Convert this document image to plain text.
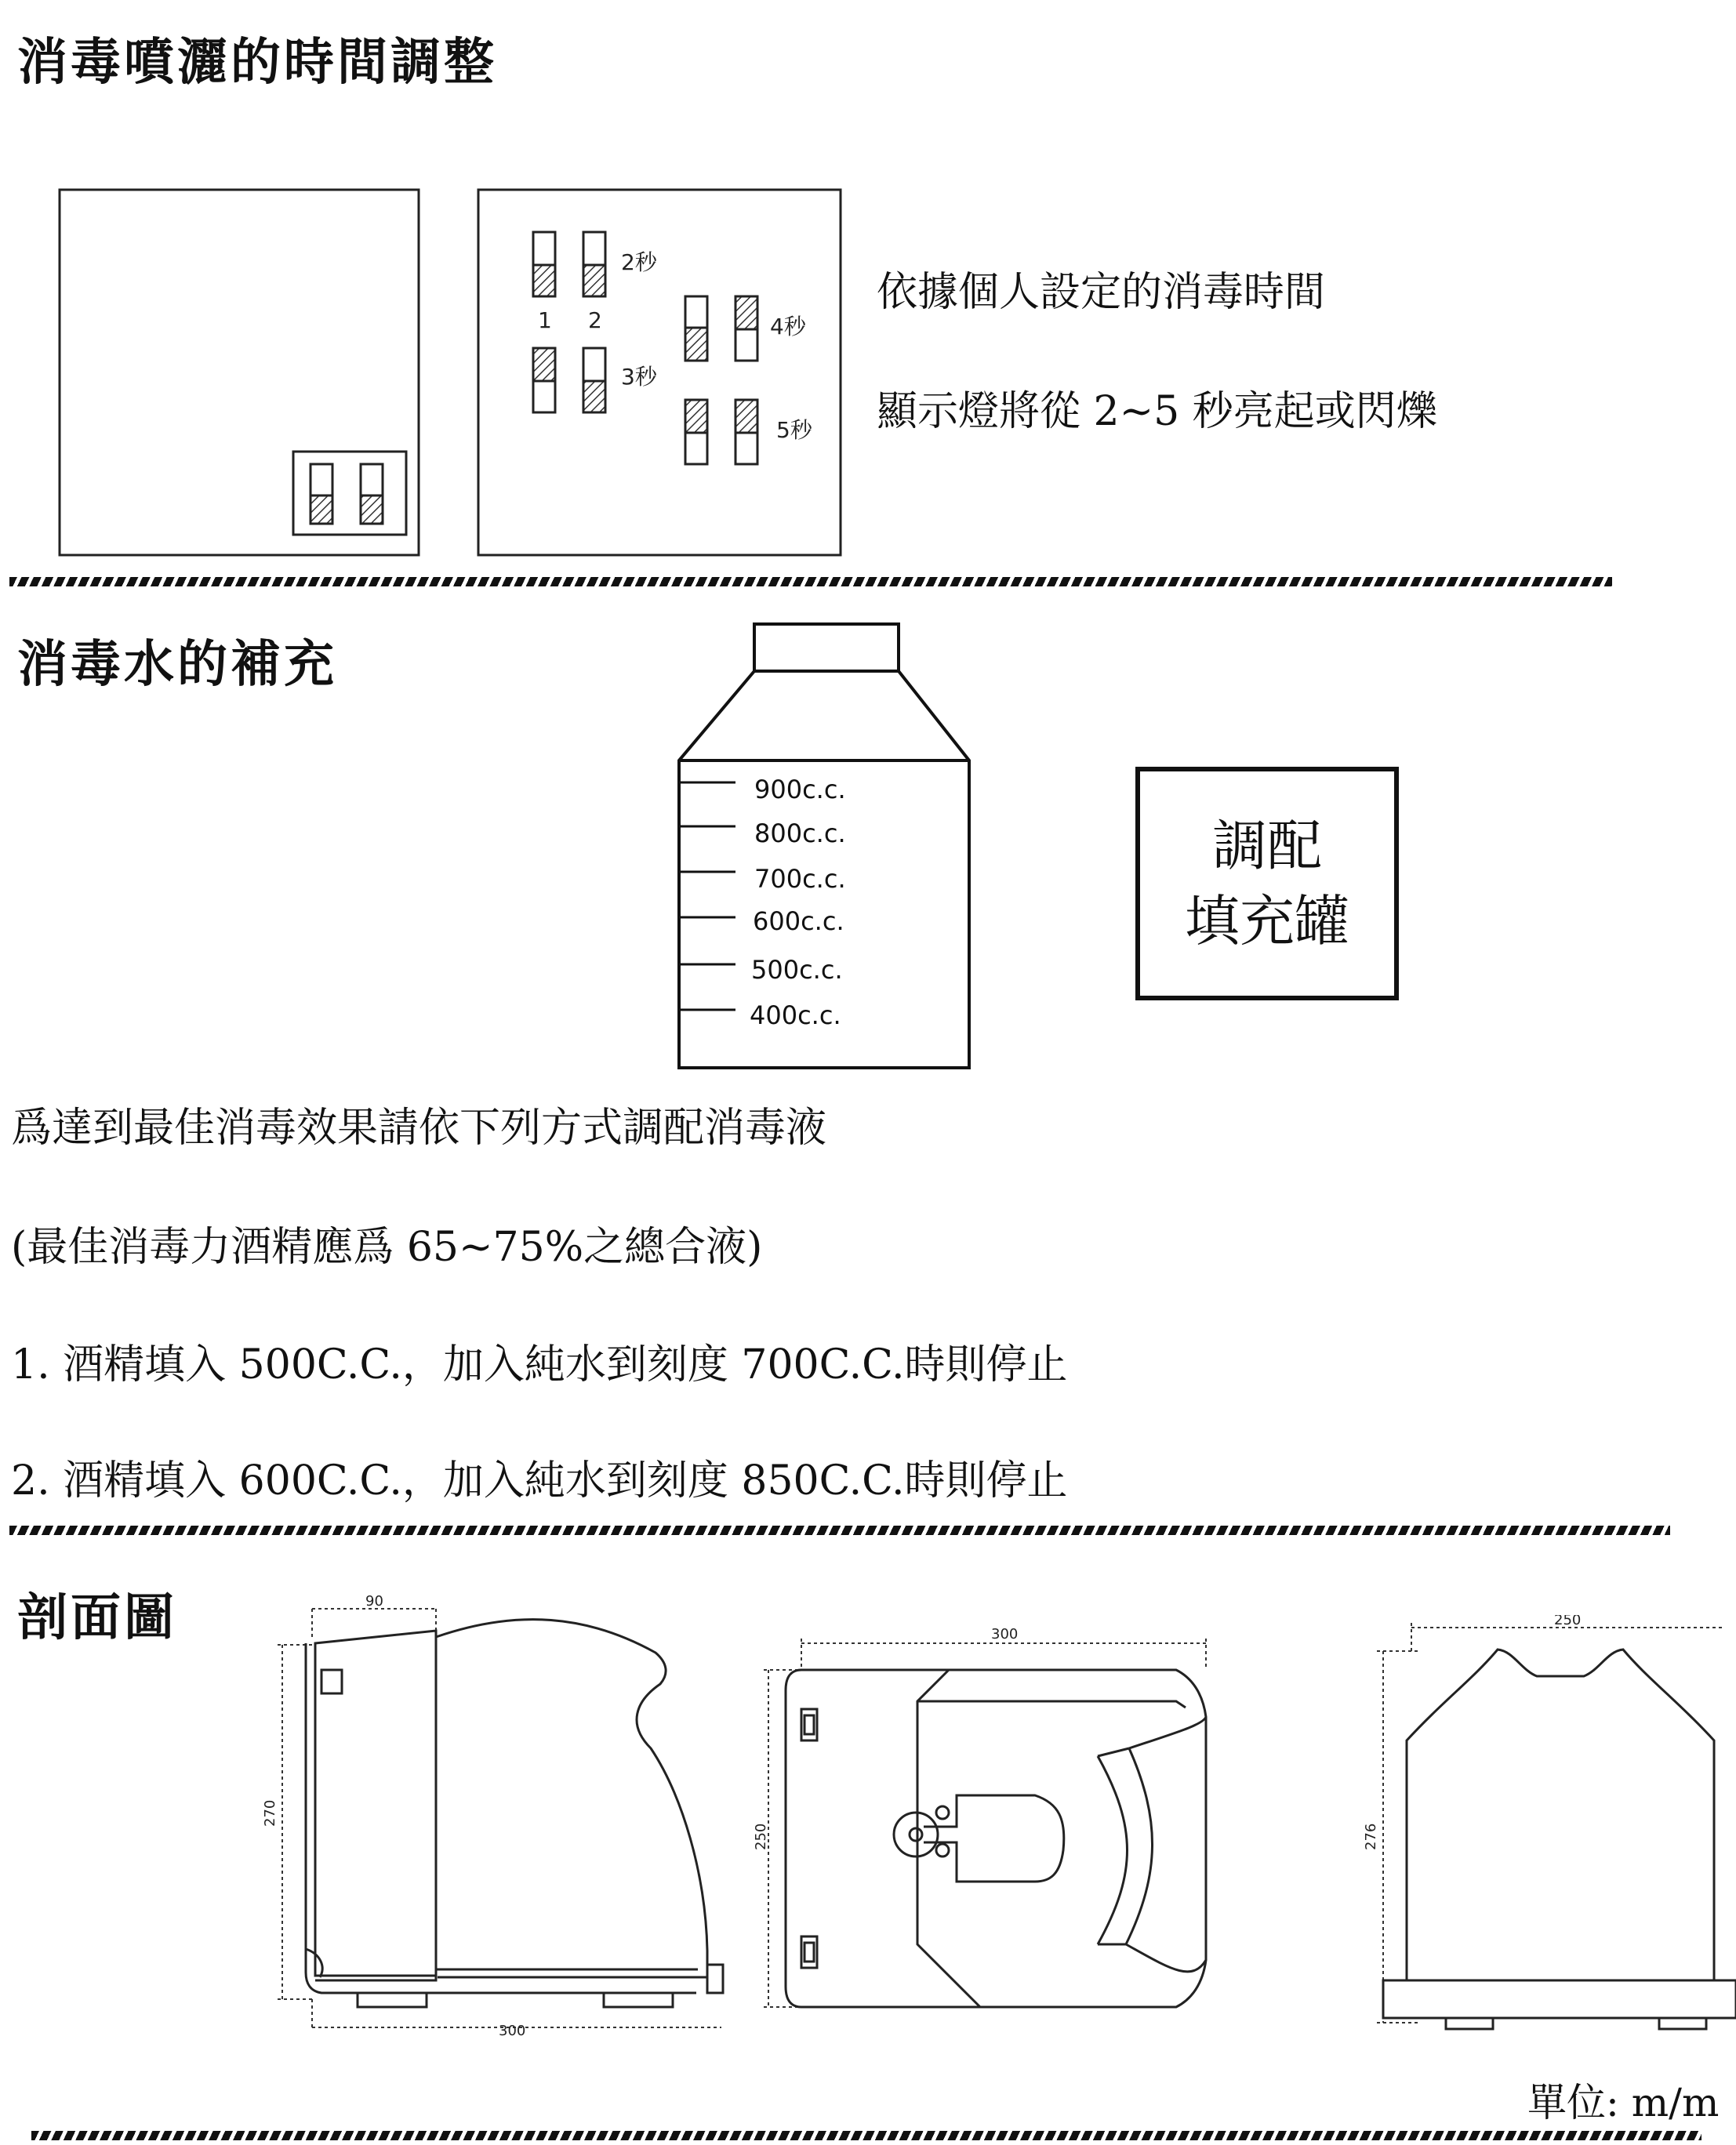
消毒噴灑的時間調整
1 2
2秒
3秒
4秒
5秒
依據個人設定的消毒時間
顯示燈將從 2~5 秒亮起或閃爍
消毒水的補充
900c.c.
800c.c.
700c.c.
600c.c.
500c.c.
400c.c.
調配
填充罐
爲達到最佳消毒效果請依下列方式調配消毒液
(最佳消毒力酒精應爲 65~75%之總合液)
1. 酒精填入 500C.C.，加入純水到刻度 700C.C.時則停止
2. 酒精填入 600C.C.，加入純水到刻度 850C.C.時則停止
剖面圖	90
270
300
300
250
250
276
單位: m/m
